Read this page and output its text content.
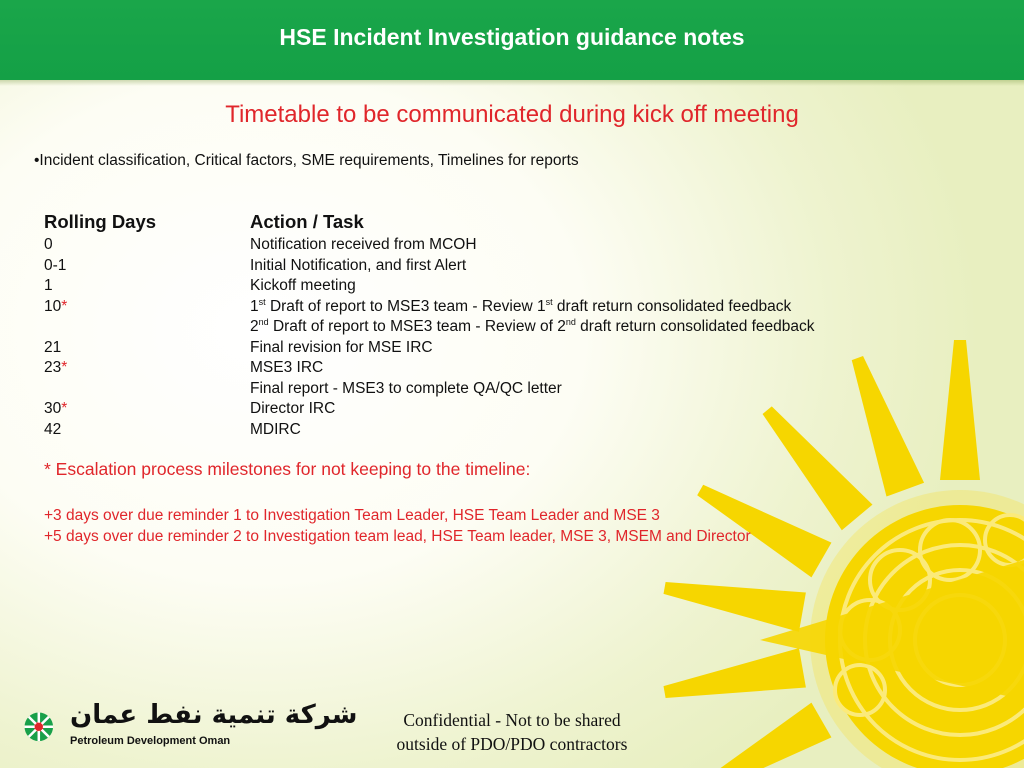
HSE Incident Investigation guidance notes
Timetable to be communicated during kick off meeting
•Incident classification, Critical factors, SME requirements, Timelines for reports
Rolling Days	Action / Task
0	Notification received from MCOH
0-1	Initial Notification, and first Alert
1	Kickoff meeting
10*	1st Draft of report to MSE3 team - Review 1st draft return consolidated feedback
2nd Draft of report to MSE3 team - Review of 2nd draft return consolidated feedback
21	Final revision for MSE IRC
23*	MSE3 IRC
Final report - MSE3 to complete QA/QC letter
30*	Director IRC
42	MDIRC
* Escalation process milestones for not keeping to the timeline:
+3 days over due reminder 1 to Investigation Team Leader, HSE Team Leader and MSE 3
+5 days over due reminder 2 to Investigation team lead, HSE Team leader, MSE 3, MSEM and Director
شركة تنمية نفط عمان
Petroleum Development Oman
Confidential - Not to be shared
outside of PDO/PDO contractors
